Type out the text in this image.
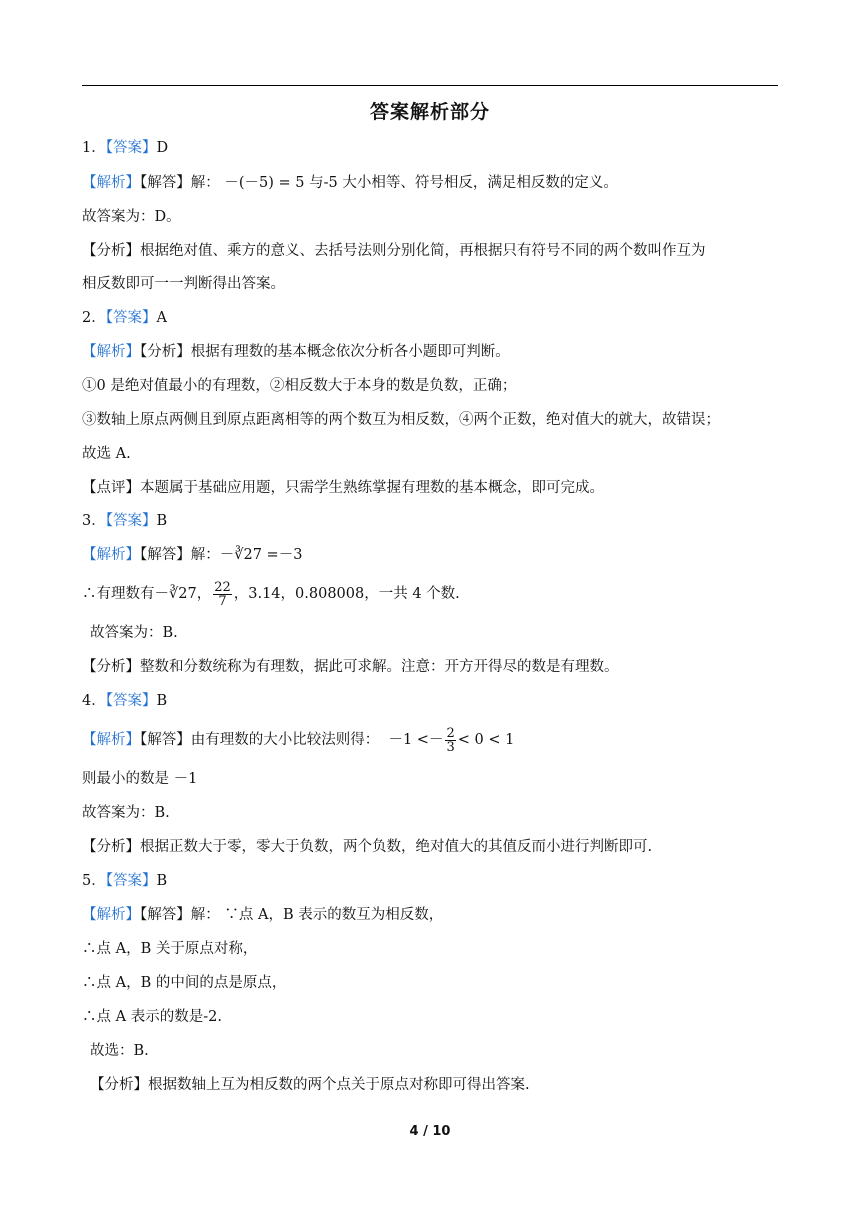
答案解析部分
1．【答案】D
【解析】【解答】解： －(－5) = 5 与-5 大小相等、符号相反，满足相反数的定义。
故答案为：D。
【分析】根据绝对值、乘方的意义、去括号法则分别化简，再根据只有符号不同的两个数叫作互为
相反数即可一一判断得出答案。
2．【答案】A
【解析】【分析】根据有理数的基本概念依次分析各小题即可判断。
①0 是绝对值最小的有理数，②相反数大于本身的数是负数，正确；
③数轴上原点两侧且到原点距离相等的两个数互为相反数，④两个正数，绝对值大的就大，故错误；
故选 A.
【点评】本题属于基础应用题，只需学生熟练掌握有理数的基本概念，即可完成。
3．【答案】B
【解析】【解答】解：－∛27 =－3
∴有理数有－∛27， $\frac{22}{7}$ ，3.14，0.808008，一共 4 个数.
故答案为：B.
【分析】整数和分数统称为有理数，据此可求解。注意：开方开得尽的数是有理数。
4．【答案】B
【解析】【解答】由有理数的大小比较法则得： $-1 <- \frac{2}{3} < 0 < 1$
则最小的数是 －1
故答案为：B.
【分析】根据正数大于零，零大于负数，两个负数，绝对值大的其值反而小进行判断即可.
5．【答案】B
【解析】【解答】解： ∵点 A，B 表示的数互为相反数，
∴点 A，B 关于原点对称，
∴点 A，B 的中间的点是原点，
∴点 A 表示的数是-2.
故选：B.
【分析】根据数轴上互为相反数的两个点关于原点对称即可得出答案.
4 / 10
